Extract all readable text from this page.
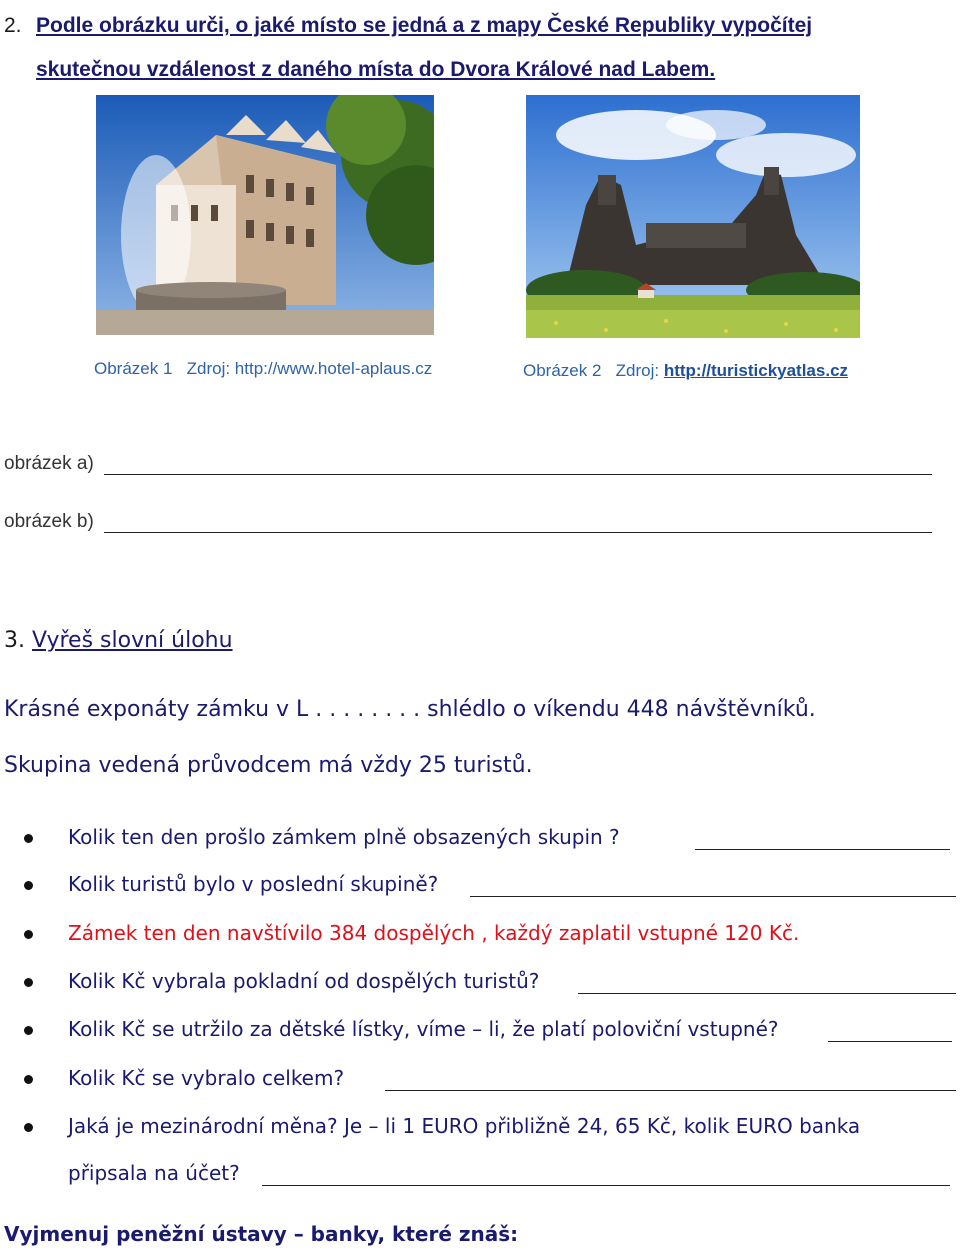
2. Podle obrázku urči, o jaké místo se jedná a z mapy České Republiky vypočítej skutečnou vzdálenost z daného místa do Dvora Králové nad Labem.
Obrázek 1 Zdroj: http://www.hotel-aplaus.cz	Obrázek 2 Zdroj: http://turistickyatlas.cz
obrázek a)
obrázek b)
3. Vyřeš slovní úlohu
Krásné exponáty zámku v L . . . . . . . . shlédlo o víkendu 448 návštěvníků.
Skupina vedená průvodcem má vždy 25 turistů.
Kolik ten den prošlo zámkem plně obsazených skupin ?
Kolik turistů bylo v poslední skupině?
Zámek ten den navštívilo 384 dospělých , každý zaplatil vstupné 120 Kč.
Kolik Kč vybrala pokladní od dospělých turistů?
Kolik Kč se utržilo za dětské lístky, víme – li, že platí poloviční vstupné?
Kolik Kč se vybralo celkem?
Jaká je mezinárodní měna? Je – li 1 EURO přibližně 24, 65 Kč, kolik EURO banka
připsala na účet?
Vyjmenuj peněžní ústavy – banky, které znáš:
